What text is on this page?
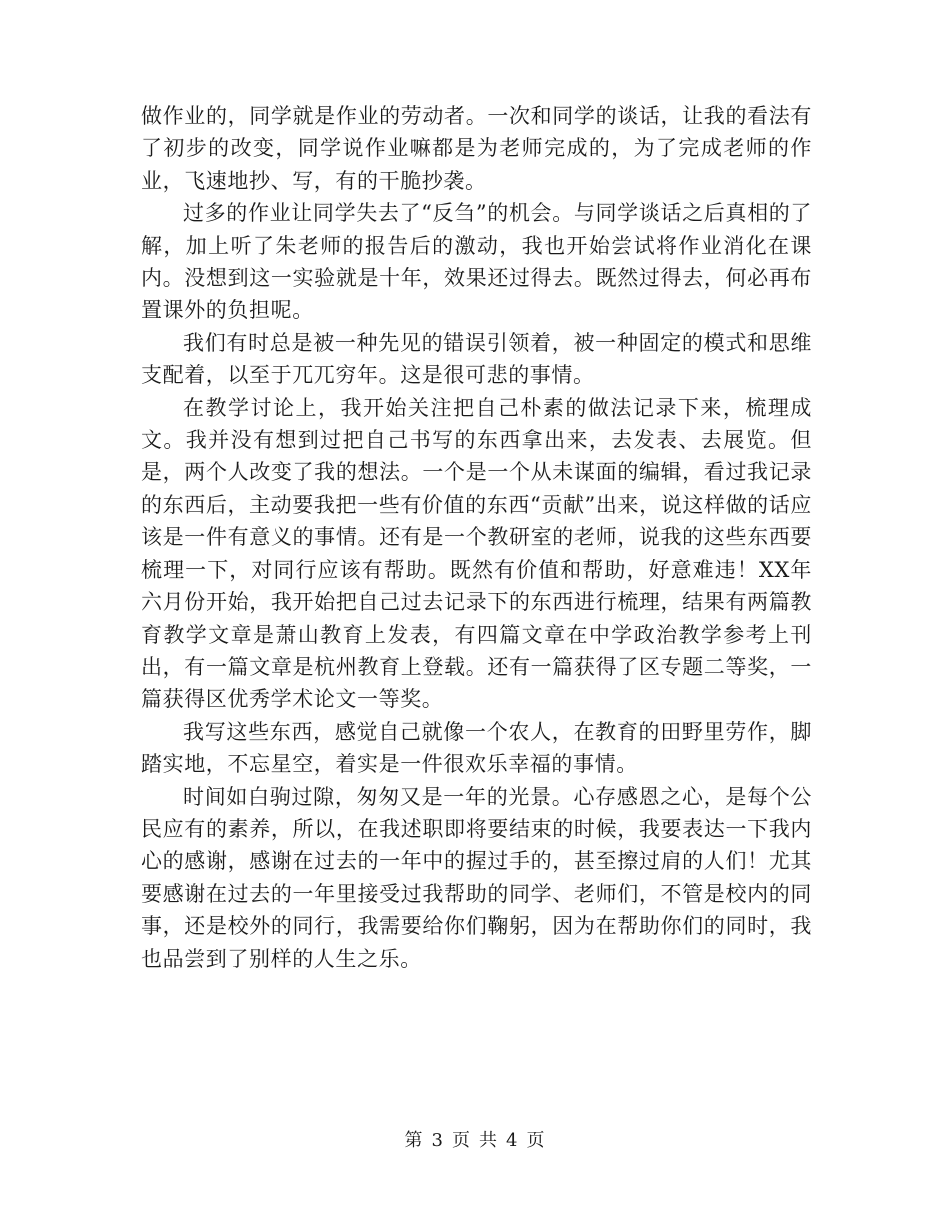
做作业的，同学就是作业的劳动者。一次和同学的谈话，让我的看法有了初步的改变，同学说作业嘛都是为老师完成的，为了完成老师的作业，飞速地抄、写，有的干脆抄袭。

过多的作业让同学失去了“反刍”的机会。与同学谈话之后真相的了解，加上听了朱老师的报告后的激动，我也开始尝试将作业消化在课内。没想到这一实验就是十年，效果还过得去。既然过得去，何必再布置课外的负担呢。

我们有时总是被一种先见的错误引领着，被一种固定的模式和思维支配着，以至于兀兀穷年。这是很可悲的事情。

在教学讨论上，我开始关注把自己朴素的做法记录下来，梳理成文。我并没有想到过把自己书写的东西拿出来，去发表、去展览。但是，两个人改变了我的想法。一个是一个从未谋面的编辑，看过我记录的东西后，主动要我把一些有价值的东西“贡献”出来，说这样做的话应该是一件有意义的事情。还有是一个教研室的老师，说我的这些东西要梳理一下，对同行应该有帮助。既然有价值和帮助，好意难违！XX年六月份开始，我开始把自己过去记录下的东西进行梳理，结果有两篇教育教学文章是萧山教育上发表，有四篇文章在中学政治教学参考上刊出，有一篇文章是杭州教育上登载。还有一篇获得了区专题二等奖，一篇获得区优秀学术论文一等奖。

我写这些东西，感觉自己就像一个农人，在教育的田野里劳作，脚踏实地，不忘星空，着实是一件很欢乐幸福的事情。

时间如白驹过隙，匆匆又是一年的光景。心存感恩之心，是每个公民应有的素养，所以，在我述职即将要结束的时候，我要表达一下我内心的感谢，感谢在过去的一年中的握过手的，甚至擦过肩的人们！尤其要感谢在过去的一年里接受过我帮助的同学、老师们，不管是校内的同事，还是校外的同行，我需要给你们鞠躬，因为在帮助你们的同时，我也品尝到了别样的人生之乐。

第 3 页 共 4 页
